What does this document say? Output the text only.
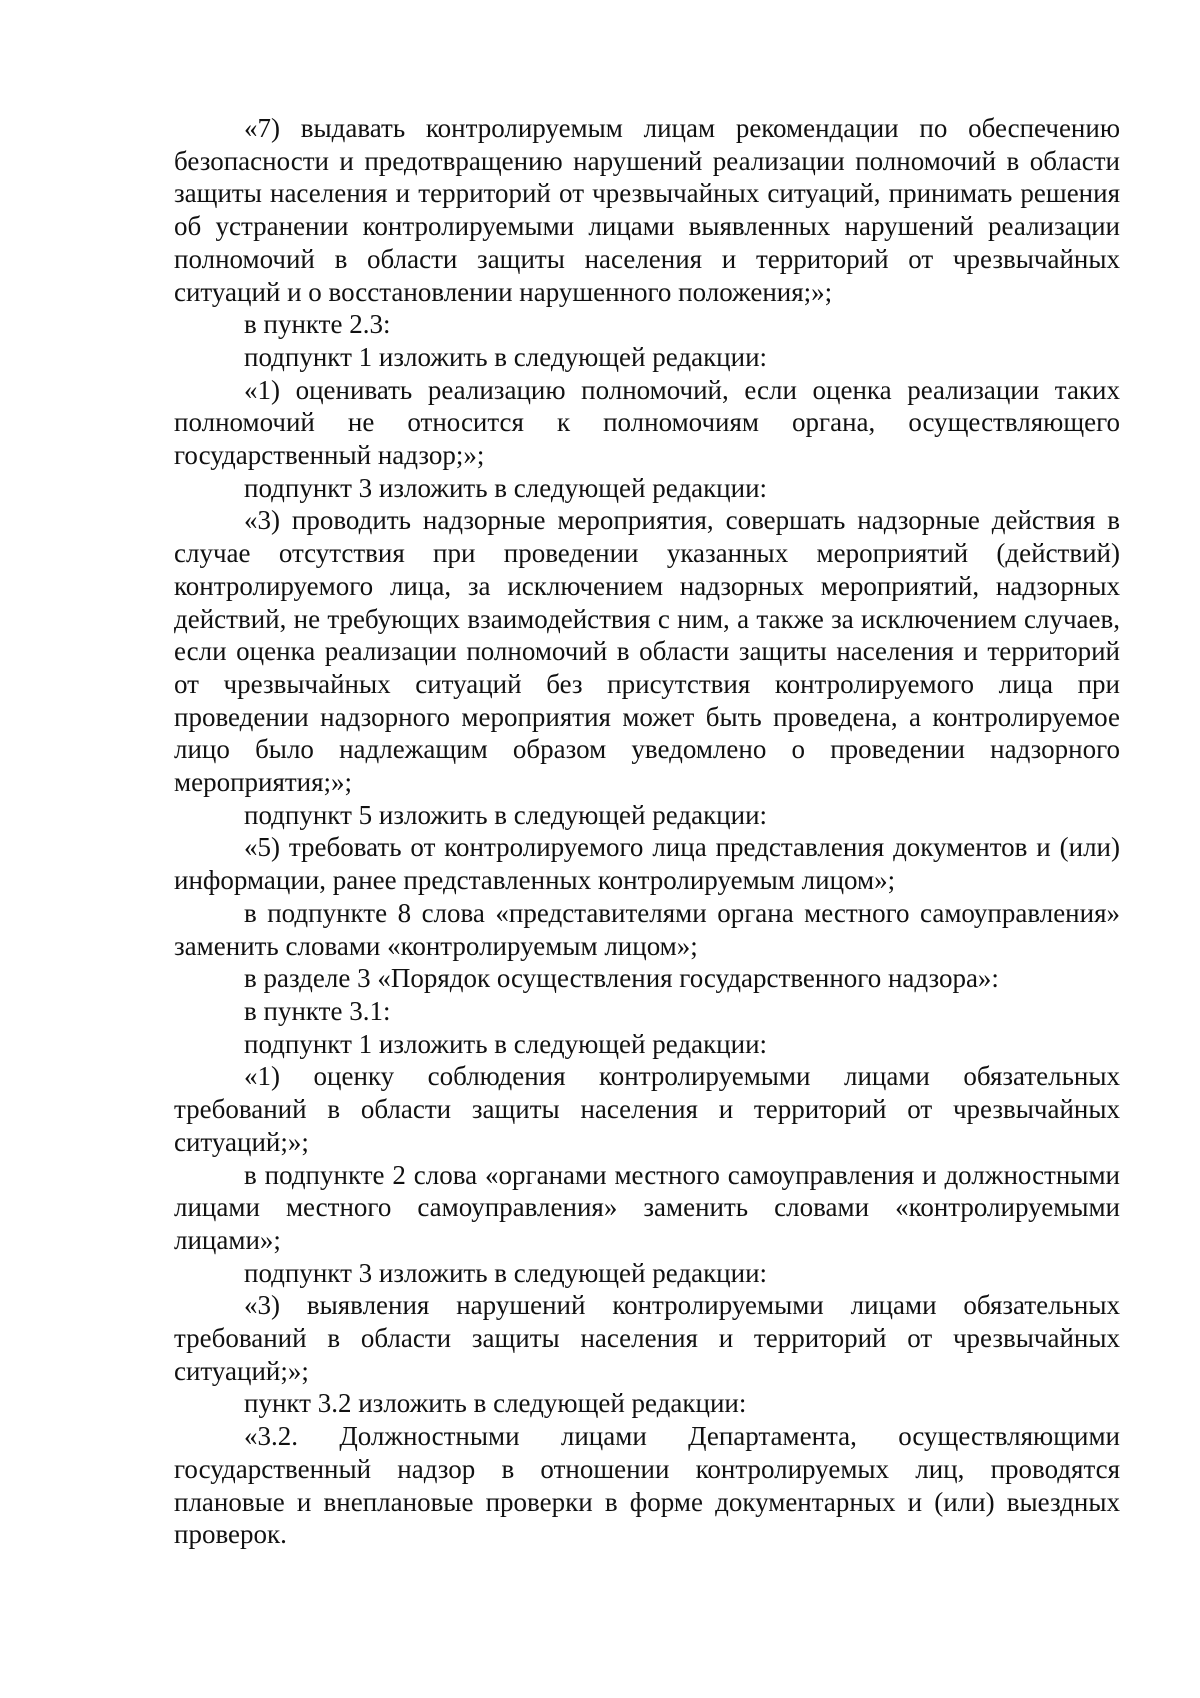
«7) выдавать контролируемым лицам рекомендации по обеспечению безопасности и предотвращению нарушений реализации полномочий в области защиты населения и территорий от чрезвычайных ситуаций, принимать решения об устранении контролируемыми лицами выявленных нарушений реализации полномочий в области защиты населения и территорий от чрезвычайных ситуаций и о восстановлении нарушенного положения;»;

в пункте 2.3:

подпункт 1 изложить в следующей редакции:

«1) оценивать реализацию полномочий, если оценка реализации таких полномочий не относится к полномочиям органа, осуществляющего государственный надзор;»;

подпункт 3 изложить в следующей редакции:

«3) проводить надзорные мероприятия, совершать надзорные действия в случае отсутствия при проведении указанных мероприятий (действий) контролируемого лица, за исключением надзорных мероприятий, надзорных действий, не требующих взаимодействия с ним, а также за исключением случаев, если оценка реализации полномочий в области защиты населения и территорий от чрезвычайных ситуаций без присутствия контролируемого лица при проведении надзорного мероприятия может быть проведена, а контролируемое лицо было надлежащим образом уведомлено о проведении надзорного мероприятия;»;

подпункт 5 изложить в следующей редакции:

«5) требовать от контролируемого лица представления документов и (или) информации, ранее представленных контролируемым лицом»;

в подпункте 8 слова «представителями органа местного самоуправления» заменить словами «контролируемым лицом»;

в разделе 3 «Порядок осуществления государственного надзора»:

в пункте 3.1:

подпункт 1 изложить в следующей редакции:

«1) оценку соблюдения контролируемыми лицами обязательных требований в области защиты населения и территорий от чрезвычайных ситуаций;»;

в подпункте 2 слова «органами местного самоуправления и должностными лицами местного самоуправления» заменить словами «контролируемыми лицами»;

подпункт 3 изложить в следующей редакции:

«3) выявления нарушений контролируемыми лицами обязательных требований в области защиты населения и территорий от чрезвычайных ситуаций;»;

пункт 3.2 изложить в следующей редакции:

«3.2. Должностными лицами Департамента, осуществляющими государственный надзор в отношении контролируемых лиц, проводятся плановые и внеплановые проверки в форме документарных и (или) выездных проверок.
